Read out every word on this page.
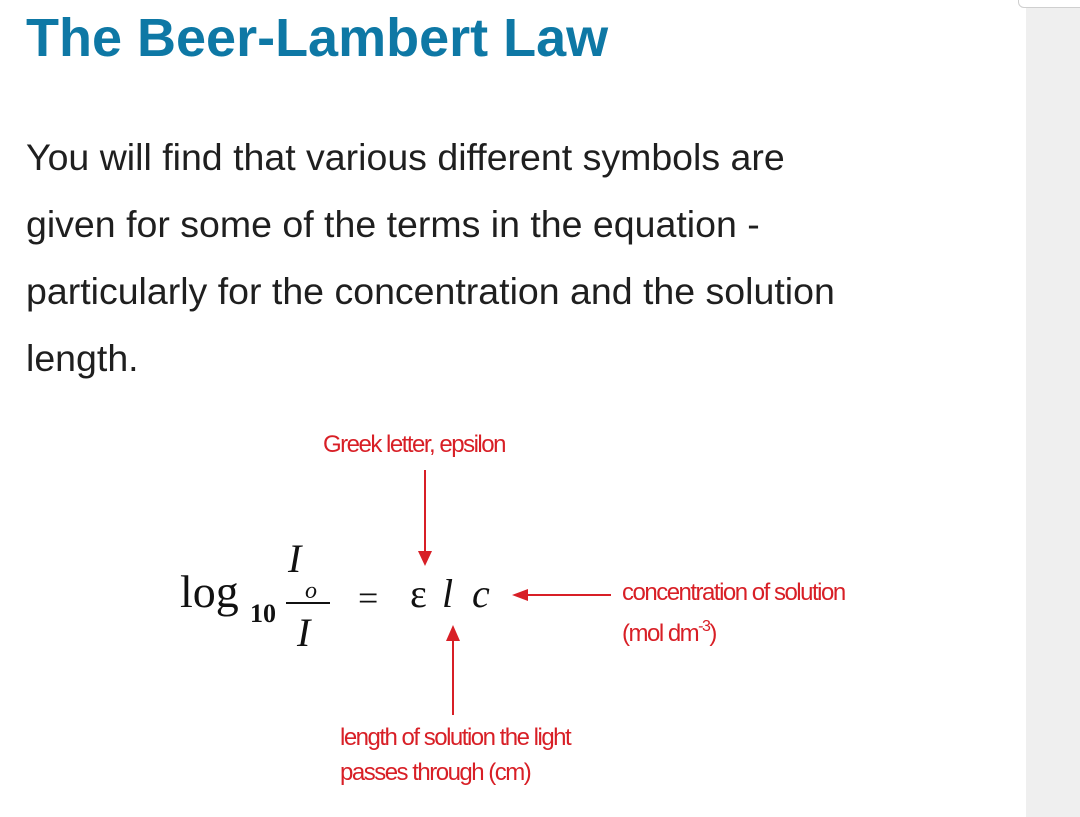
The Beer-Lambert Law

You will find that various different symbols are
given for some of the terms in the equation -
particularly for the concentration and the solution
length.

Greek letter, epsilon
log 10
I
o
I
= ε l c	concentration of solution
(mol $dm^{-3}$)
length of solution the light
passes through (cm)
